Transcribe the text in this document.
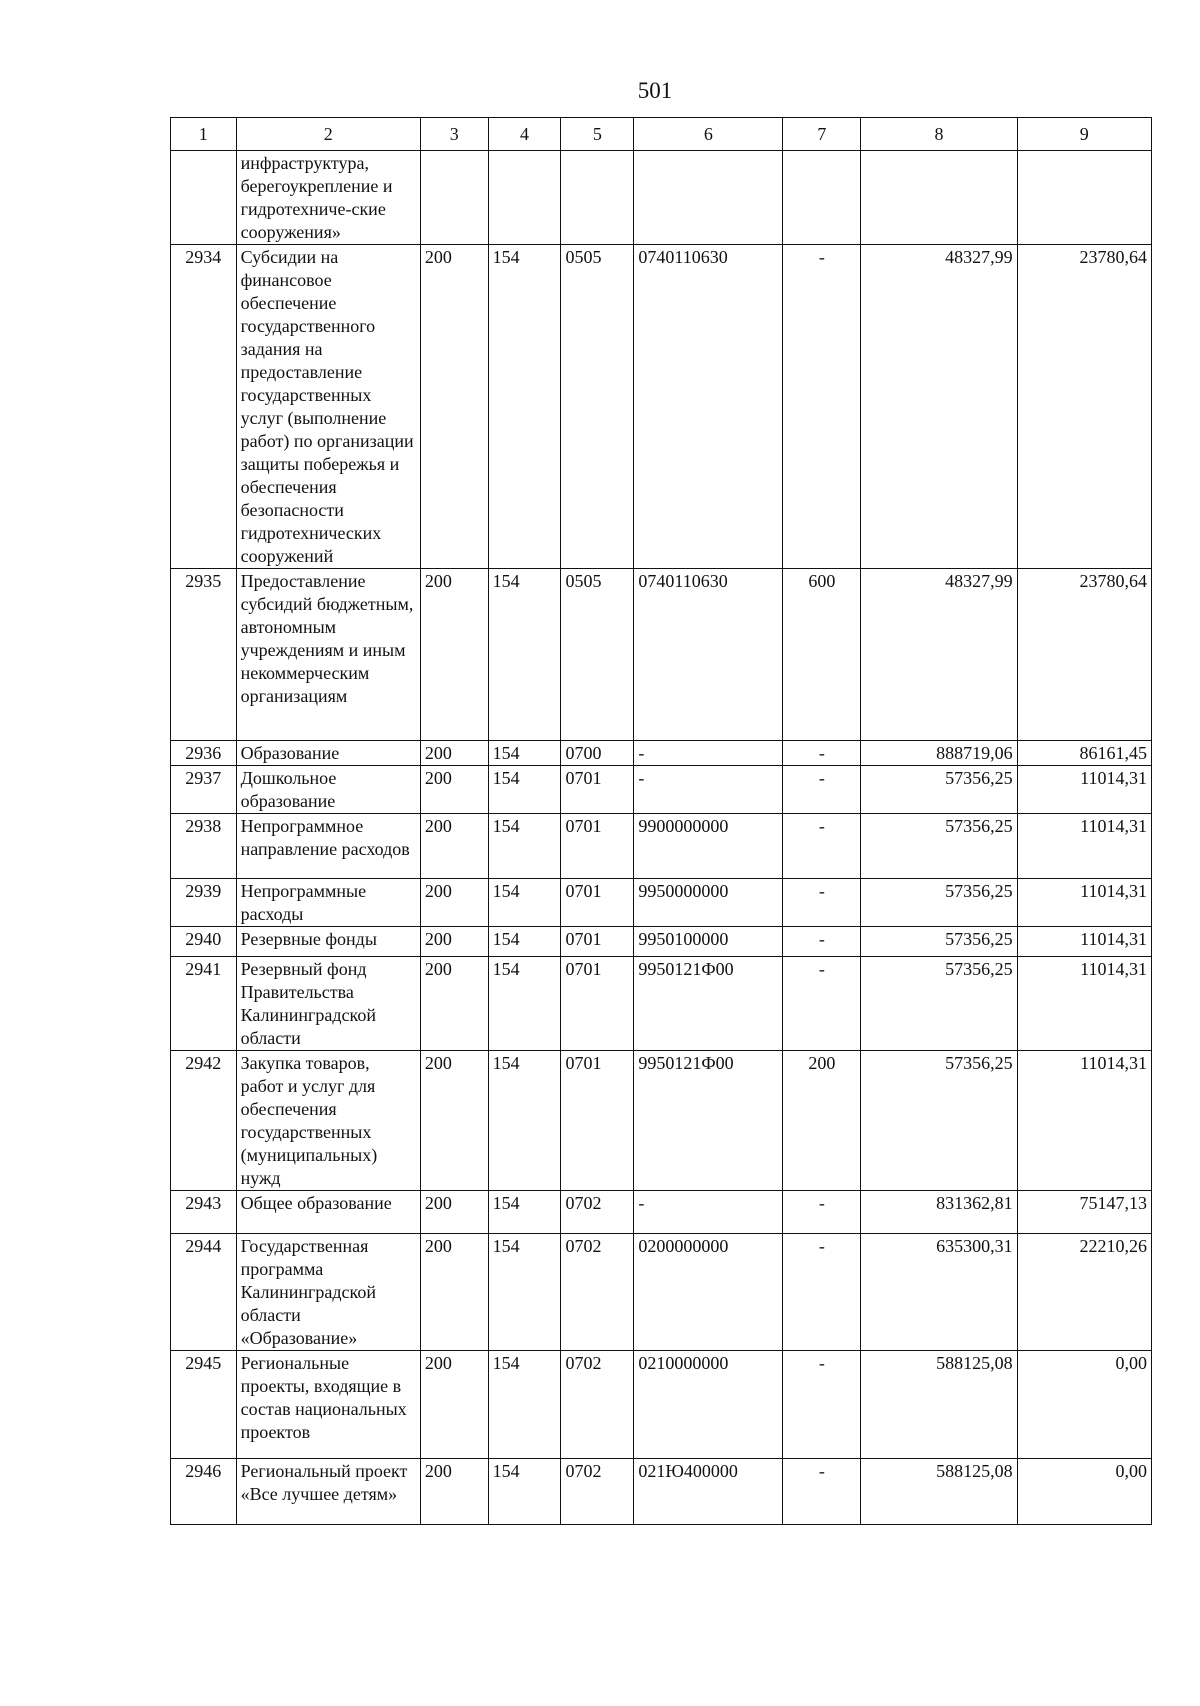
501
1	2	3	4	5	6	7	8	9
	инфраструктура, берегоукрепление и гидротехниче-ские сооружения»							
2934	Субсидии на финансовое обеспечение государственного задания на предоставление государственных услуг (выполнение работ) по организации защиты побережья и обеспечения безопасности гидротехнических сооружений	200	154	0505	0740110630	-	48327,99	23780,64
2935	Предоставление субсидий бюджетным, автономным учреждениям и иным некоммерческим организациям	200	154	0505	0740110630	600	48327,99	23780,64
2936	Образование	200	154	0700	-	-	888719,06	86161,45
2937	Дошкольное образование	200	154	0701	-	-	57356,25	11014,31
2938	Непрограммное направление расходов	200	154	0701	9900000000	-	57356,25	11014,31
2939	Непрограммные расходы	200	154	0701	9950000000	-	57356,25	11014,31
2940	Резервные фонды	200	154	0701	9950100000	-	57356,25	11014,31
2941	Резервный фонд Правительства Калининградской области	200	154	0701	9950121Ф00	-	57356,25	11014,31
2942	Закупка товаров, работ и услуг для обеспечения государственных (муниципальных) нужд	200	154	0701	9950121Ф00	200	57356,25	11014,31
2943	Общее образование	200	154	0702	-	-	831362,81	75147,13
2944	Государственная программа Калининградской области «Образование»	200	154	0702	0200000000	-	635300,31	22210,26
2945	Региональные проекты, входящие в состав национальных проектов	200	154	0702	0210000000	-	588125,08	0,00
2946	Региональный проект «Все лучшее детям»	200	154	0702	021Ю400000	-	588125,08	0,00
